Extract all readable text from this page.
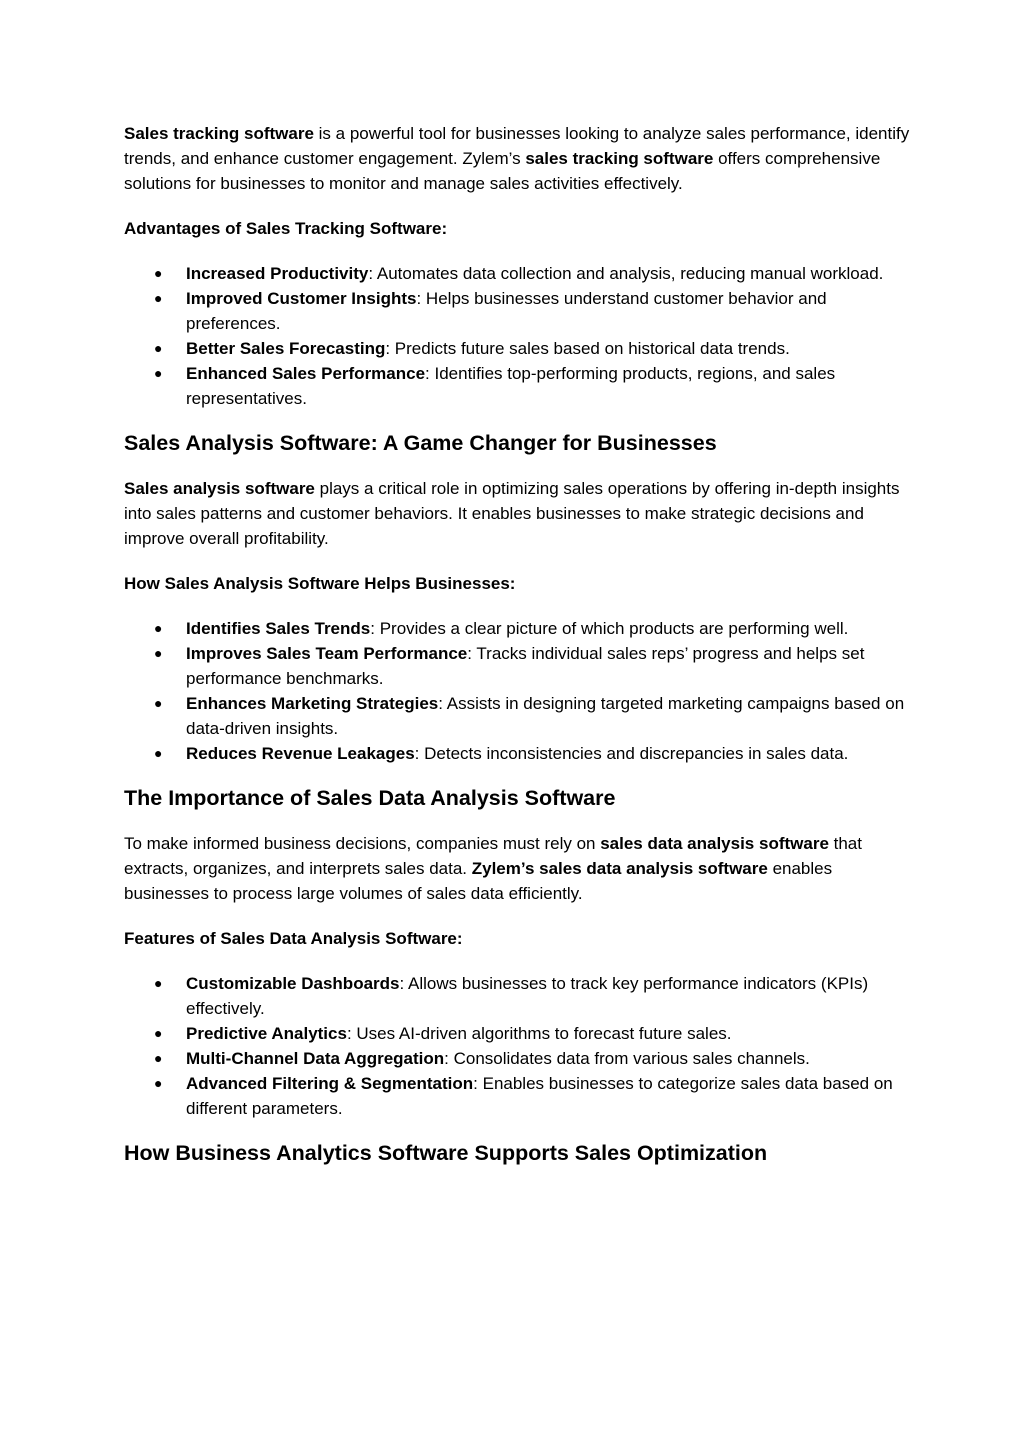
Sales tracking software is a powerful tool for businesses looking to analyze sales performance, identify trends, and enhance customer engagement. Zylem’s sales tracking software offers comprehensive solutions for businesses to monitor and manage sales activities effectively.

Advantages of Sales Tracking Software:

● Increased Productivity: Automates data collection and analysis, reducing manual workload.
● Improved Customer Insights: Helps businesses understand customer behavior and preferences.
● Better Sales Forecasting: Predicts future sales based on historical data trends.
● Enhanced Sales Performance: Identifies top-performing products, regions, and sales representatives.
Sales Analysis Software: A Game Changer for Businesses

Sales analysis software plays a critical role in optimizing sales operations by offering in-depth insights into sales patterns and customer behaviors. It enables businesses to make strategic decisions and improve overall profitability.

How Sales Analysis Software Helps Businesses:

● Identifies Sales Trends: Provides a clear picture of which products are performing well.
● Improves Sales Team Performance: Tracks individual sales reps’ progress and helps set performance benchmarks.
● Enhances Marketing Strategies: Assists in designing targeted marketing campaigns based on data-driven insights.
● Reduces Revenue Leakages: Detects inconsistencies and discrepancies in sales data.
The Importance of Sales Data Analysis Software

To make informed business decisions, companies must rely on sales data analysis software that extracts, organizes, and interprets sales data. Zylem’s sales data analysis software enables businesses to process large volumes of sales data efficiently.

Features of Sales Data Analysis Software:

● Customizable Dashboards: Allows businesses to track key performance indicators (KPIs) effectively.
● Predictive Analytics: Uses AI-driven algorithms to forecast future sales.
● Multi-Channel Data Aggregation: Consolidates data from various sales channels.
● Advanced Filtering & Segmentation: Enables businesses to categorize sales data based on different parameters.
How Business Analytics Software Supports Sales Optimization
